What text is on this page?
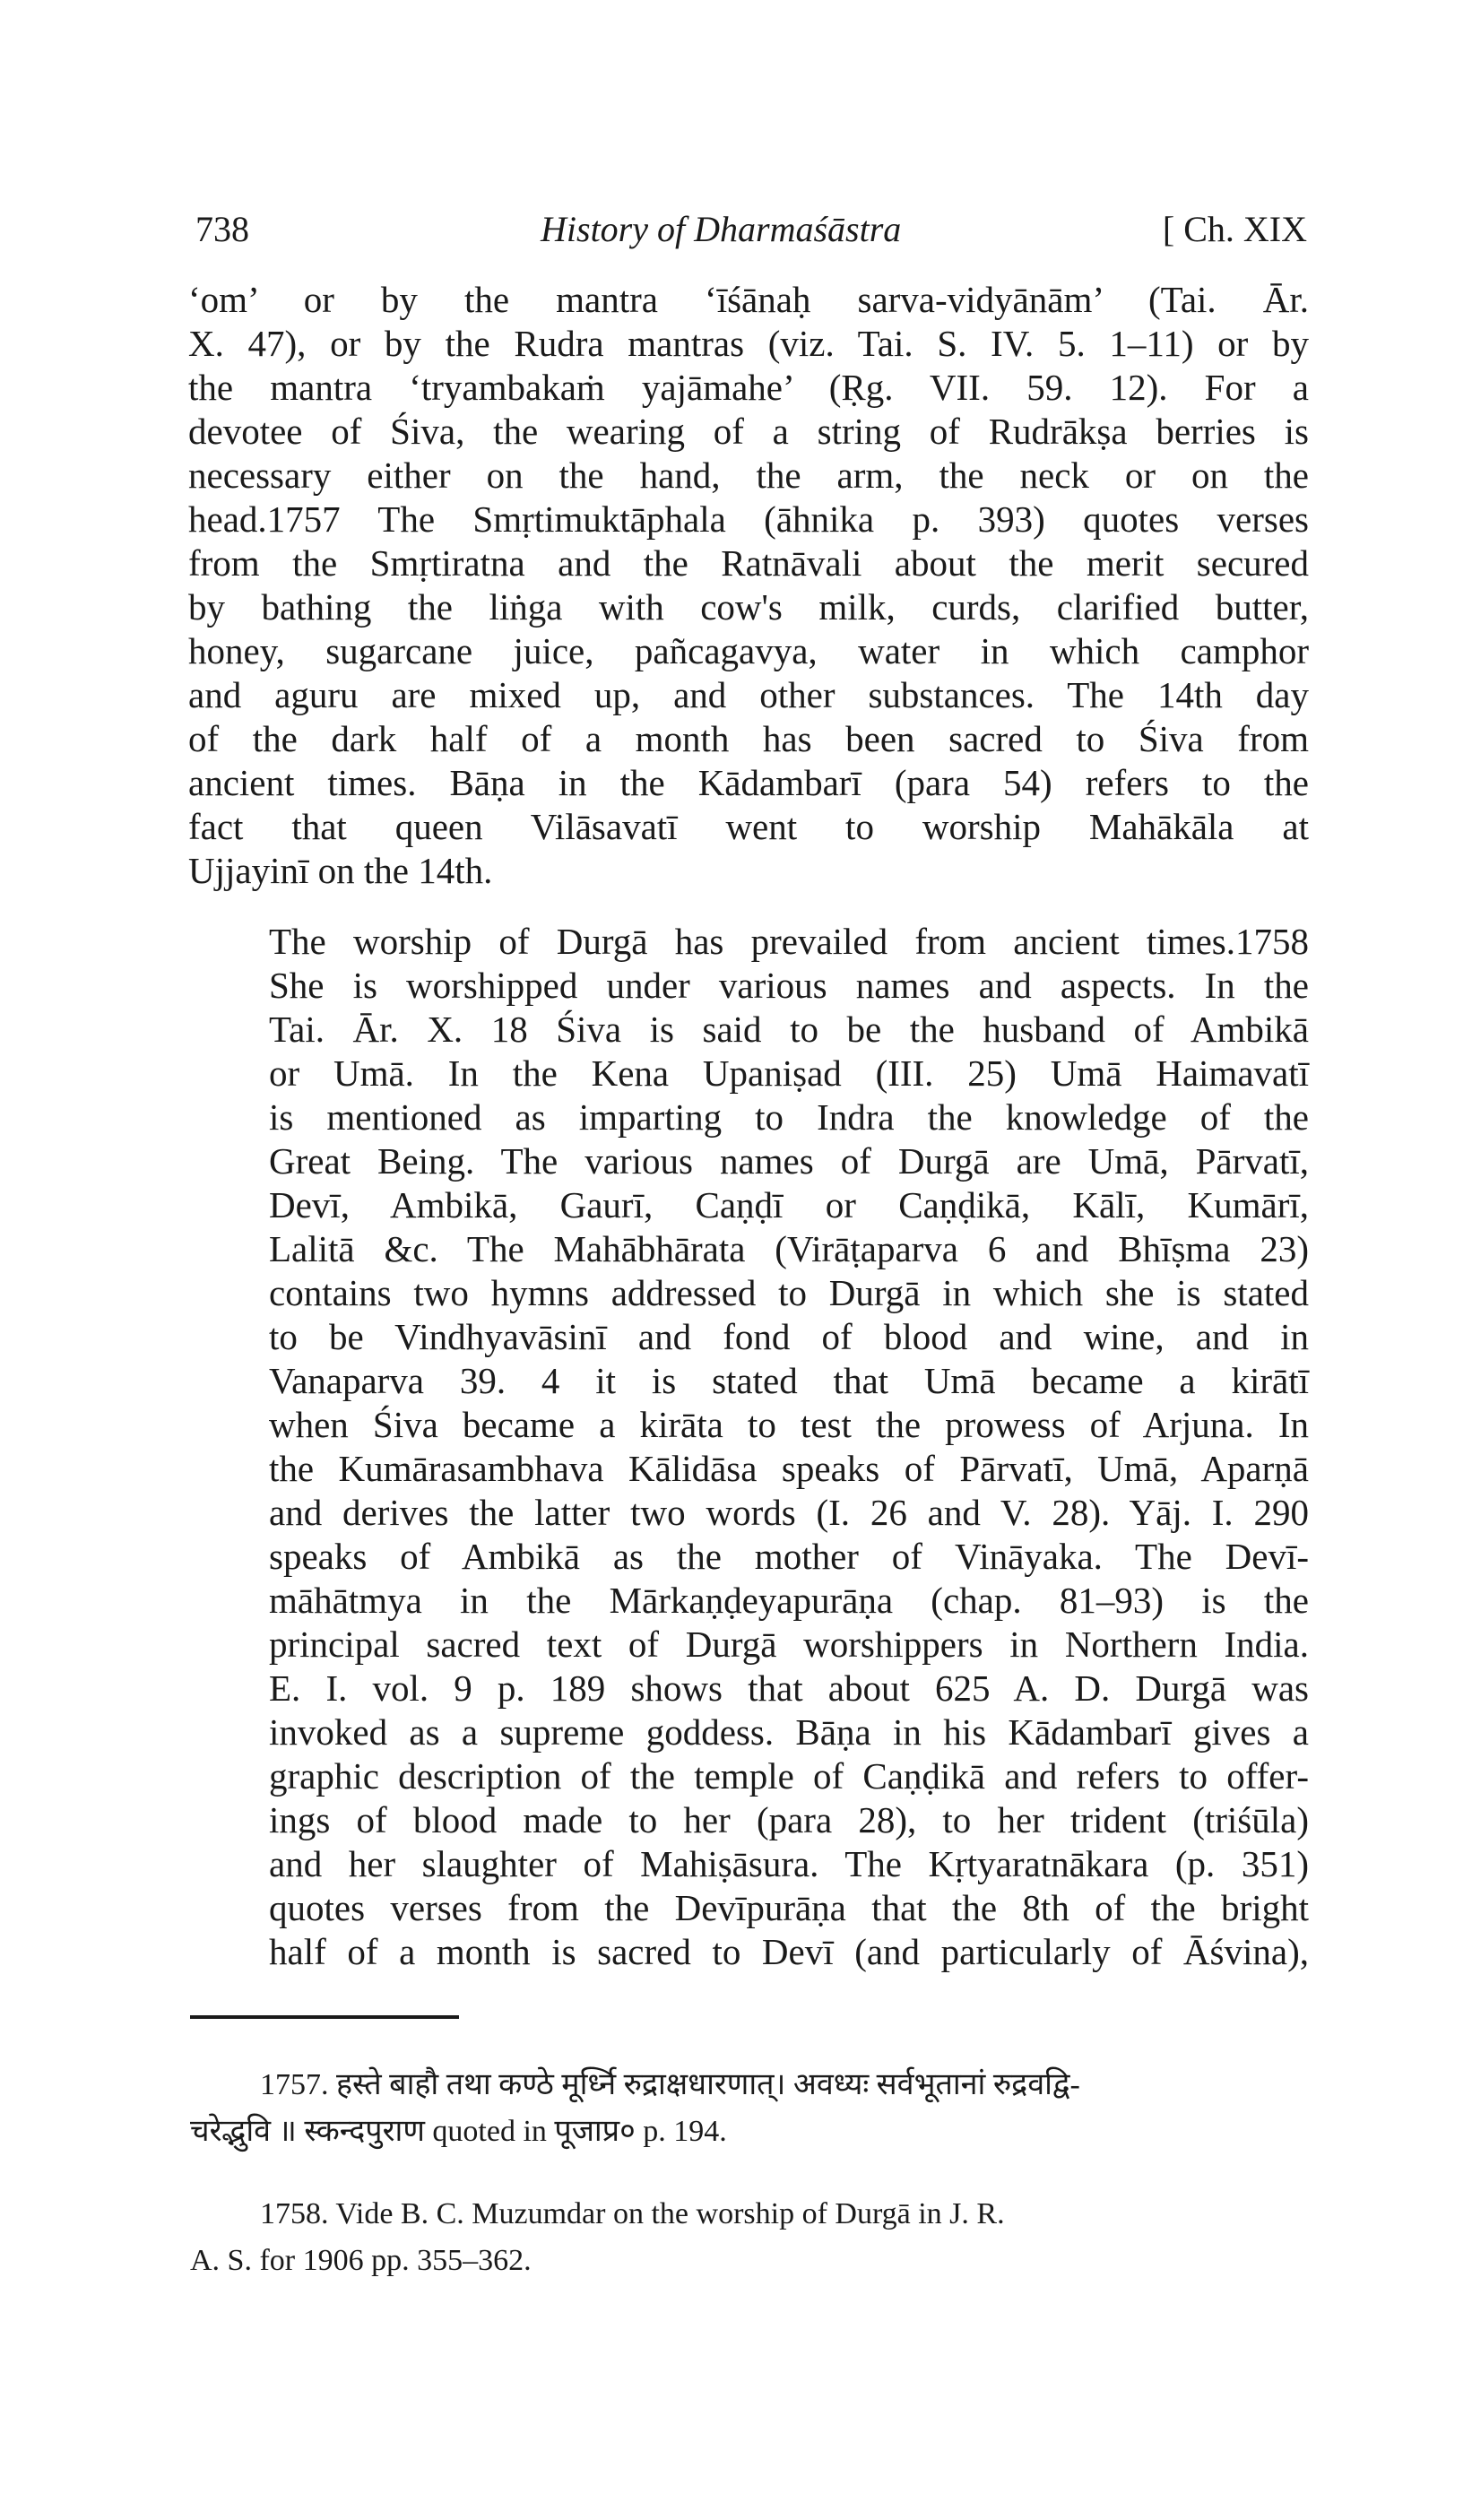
738	History of Dharmaśāstra	[ Ch. XIX

‘om’ or by the mantra ‘īśānaḥ sarva-vidyānām’ (Tai. Ār.
X. 47), or by the Rudra mantras (viz. Tai. S. IV. 5. 1–11) or by
the mantra ‘tryambakaṁ yajāmahe’ (Ṛg. VII. 59. 12). For a
devotee of Śiva, the wearing of a string of Rudrākṣa berries is
necessary either on the hand, the arm, the neck or on the
head.1757 The Smṛtimuktāphala (āhnika p. 393) quotes verses
from the Smṛtiratna and the Ratnāvali about the merit secured
by bathing the liṅga with cow's milk, curds, clarified butter,
honey, sugarcane juice, pañcagavya, water in which camphor
and aguru are mixed up, and other substances. The 14th day
of the dark half of a month has been sacred to Śiva from
ancient times. Bāṇa in the Kādambarī (para 54) refers to the
fact that queen Vilāsavatī went to worship Mahākāla at
Ujjayinī on the 14th.

The worship of Durgā has prevailed from ancient times.1758
She is worshipped under various names and aspects. In the
Tai. Ār. X. 18 Śiva is said to be the husband of Ambikā
or Umā. In the Kena Upaniṣad (III. 25) Umā Haimavatī
is mentioned as imparting to Indra the knowledge of the
Great Being. The various names of Durgā are Umā, Pārvatī,
Devī, Ambikā, Gaurī, Caṇḍī or Caṇḍikā, Kālī, Kumārī,
Lalitā &c. The Mahābhārata (Virāṭaparva 6 and Bhīṣma 23)
contains two hymns addressed to Durgā in which she is stated
to be Vindhyavāsinī and fond of blood and wine, and in
Vanaparva 39. 4 it is stated that Umā became a kirātī
when Śiva became a kirāta to test the prowess of Arjuna. In
the Kumārasambhava Kālidāsa speaks of Pārvatī, Umā, Aparṇā
and derives the latter two words (I. 26 and V. 28). Yāj. I. 290
speaks of Ambikā as the mother of Vināyaka. The Devī-
māhātmya in the Mārkaṇḍeyapurāṇa (chap. 81–93) is the
principal sacred text of Durgā worshippers in Northern India.
E. I. vol. 9 p. 189 shows that about 625 A. D. Durgā was
invoked as a supreme goddess. Bāṇa in his Kādambarī gives a
graphic description of the temple of Caṇḍikā and refers to offer-
ings of blood made to her (para 28), to her trident (triśūla)
and her slaughter of Mahiṣāsura. The Kṛtyaratnākara (p. 351)
quotes verses from the Devīpurāṇa that the 8th of the bright
half of a month is sacred to Devī (and particularly of Āśvina),

1757. हस्ते बाहौ तथा कण्ठे मूर्ध्नि रुद्राक्षधारणात्। अवध्यः सर्वभूतानां रुद्रवद्वि-
चरेद्भुवि ॥ स्कन्दपुराण quoted in पूजाप्र० p. 194.

1758. Vide B. C. Muzumdar on the worship of Durgā in J. R.
A. S. for 1906 pp. 355–362.
